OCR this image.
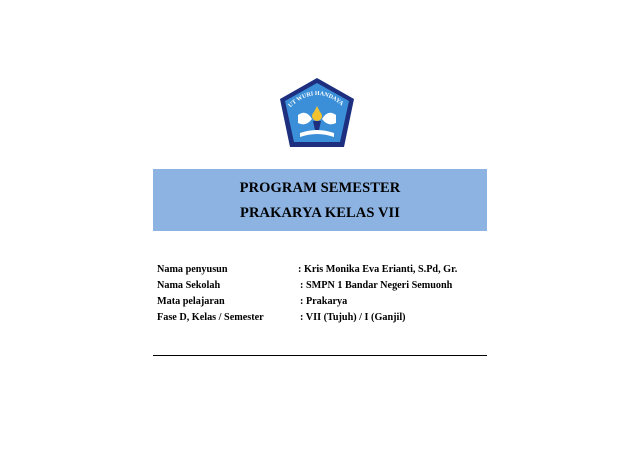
UT WURI HANDAYA
PROGRAM SEMESTER
PRAKARYA KELAS VII
Nama penyusun	: Kris Monika Eva Erianti, S.Pd, Gr.
Nama Sekolah	: SMPN 1 Bandar Negeri Semuonh
Mata pelajaran	: Prakarya
Fase D, Kelas / Semester	: VII (Tujuh) / I (Ganjil)
